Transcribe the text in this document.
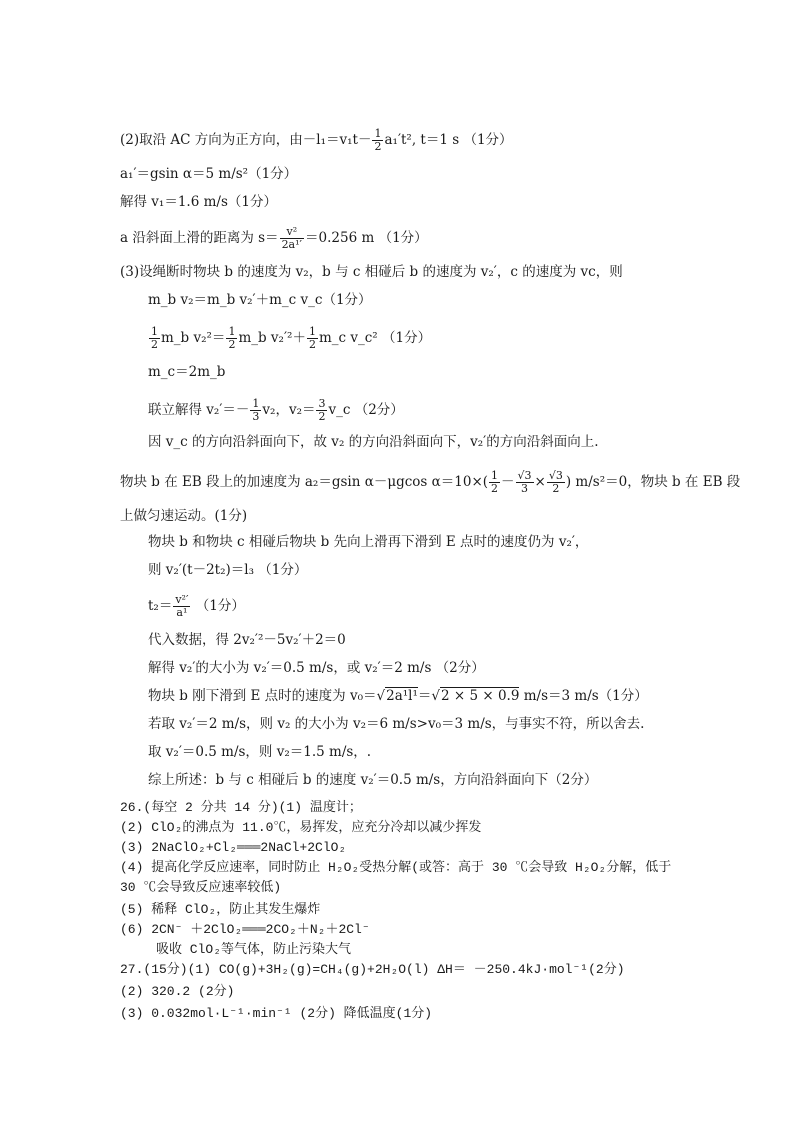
(2)取沿 AC 方向为正方向，由$-l_1=v_1t- \frac{1}{2} a_1't^2$, t＝1 s （1分）
a₁′＝gsin α＝5 m/s²（1分）
解得 v₁＝1.6 m/s（1分）
a 沿斜面上滑的距离为 $s= \frac{\text{v²}}{\text{2a¹′}} =0.256$ m （1分）
(3)设绳断时物块 b 的速度为 v₂，b 与 c 相碰后 b 的速度为 v₂′，c 的速度为 vc，则
m_b v₂＝m_b v₂′＋m_c v_c（1分）
$\frac{1}{2}$ m_b $v_2^2= \frac{1}{2}$ m_b $v_2'^2+ \frac{1}{2}$ m_c v_c² （1分）
m_c＝2m_b
联立解得 $v_2'=- \frac{1}{3} v_2$，$v_2= \frac{3}{2}$ v_c （2分）
因 v_c 的方向沿斜面向下，故 v₂ 的方向沿斜面向下，v₂′的方向沿斜面向上.
物块 b 在 EB 段上的加速度为 a₂＝gsin α－μgcos $\alpha=10\times( \frac{1}{2} - \frac{√3}{3} \times \frac{√3}{2}$ ) m/s²＝0，物块 b 在 EB 段
上做匀速运动。(1分)
物块 b 和物块 c 相碰后物块 b 先向上滑再下滑到 E 点时的速度仍为 v₂′，
则 v₂′(t－2t₂)＝l₃ （1分）
$t_2= \frac{\text{v²′}}{\text{a¹}} (1$分）
代入数据，得 2v₂′²－5v₂′＋2＝0
解得 v₂′的大小为 v₂′＝0.5 m/s，或 v₂′＝2 m/s （2分）
物块 b 刚下滑到 E 点时的速度为 v₀＝√2a¹l¹＝√2 × 5 × 0.9 m/s＝3 m/s（1分）
若取 v₂′＝2 m/s，则 v₂ 的大小为 v₂＝6 m/s>v₀＝3 m/s，与事实不符，所以舍去.
取 v₂′＝0.5 m/s，则 v₂＝1.5 m/s，.
综上所述：b 与 c 相碰后 b 的速度 v₂′＝0.5 m/s，方向沿斜面向下（2分）
26.(每空 2 分共 14 分)(1) 温度计；
(2) ClO₂的沸点为 11.0℃，易挥发，应充分冷却以减少挥发
(3) 2NaClO₂+Cl₂═══2NaCl+2ClO₂
(4) 提高化学反应速率，同时防止 H₂O₂受热分解(或答：高于 30 ℃会导致 H₂O₂分解，低于
30 ℃会导致反应速率较低)
(5) 稀释 ClO₂，防止其发生爆炸
(6) 2CN⁻ ＋2ClO₂═══2CO₂＋N₂＋2Cl⁻
吸收 ClO₂等气体，防止污染大气
27.(15分)(1) CO(g)+3H₂(g)=CH₄(g)+2H₂O(l) ΔH＝ －250.4kJ·mol⁻¹(2分)
(2) 320.2 (2分)
(3) 0.032mol·L⁻¹·min⁻¹ (2分) 降低温度(1分)
